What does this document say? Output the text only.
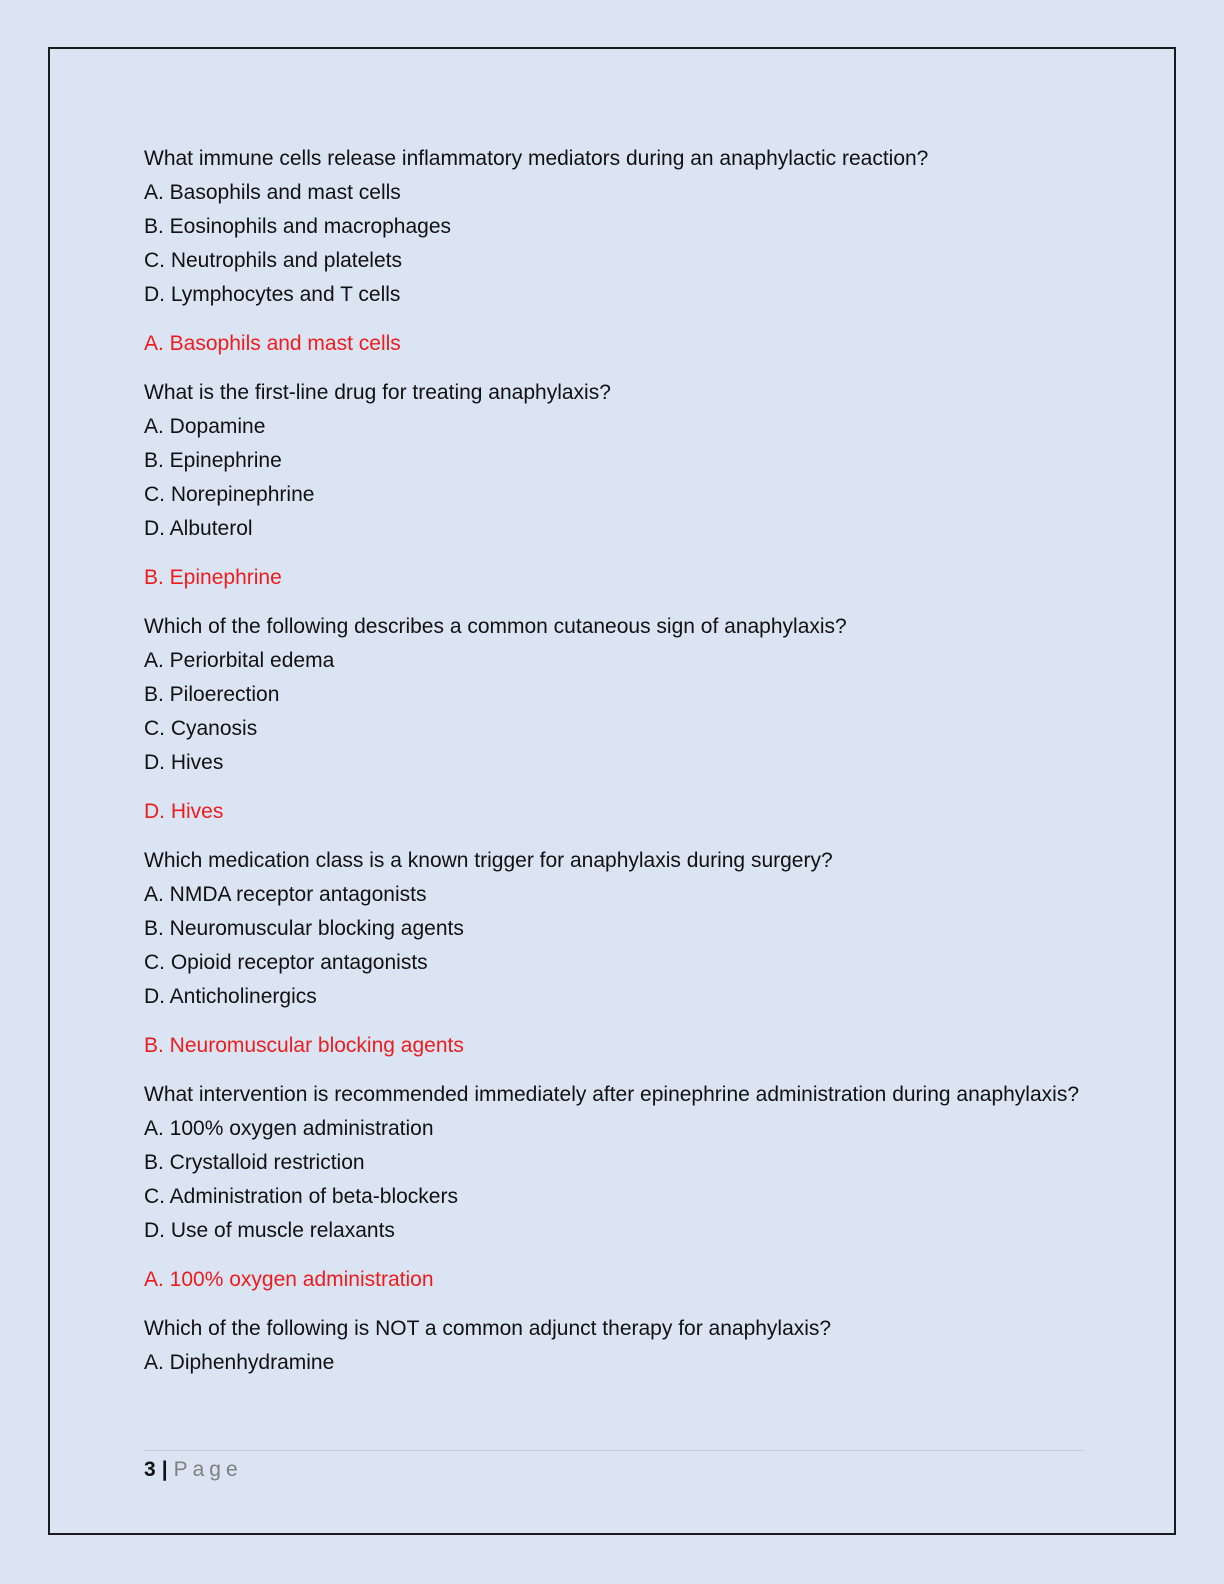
What immune cells release inflammatory mediators during an anaphylactic reaction?

A. Basophils and mast cells

B. Eosinophils and macrophages

C. Neutrophils and platelets

D. Lymphocytes and T cells

A. Basophils and mast cells

What is the first-line drug for treating anaphylaxis?

A. Dopamine

B. Epinephrine

C. Norepinephrine

D. Albuterol

B. Epinephrine

Which of the following describes a common cutaneous sign of anaphylaxis?

A. Periorbital edema

B. Piloerection

C. Cyanosis

D. Hives

D. Hives

Which medication class is a known trigger for anaphylaxis during surgery?

A. NMDA receptor antagonists

B. Neuromuscular blocking agents

C. Opioid receptor antagonists

D. Anticholinergics

B. Neuromuscular blocking agents

What intervention is recommended immediately after epinephrine administration during anaphylaxis?

A. 100% oxygen administration

B. Crystalloid restriction

C. Administration of beta-blockers

D. Use of muscle relaxants

A. 100% oxygen administration

Which of the following is NOT a common adjunct therapy for anaphylaxis?

A. Diphenhydramine

3 | Page
